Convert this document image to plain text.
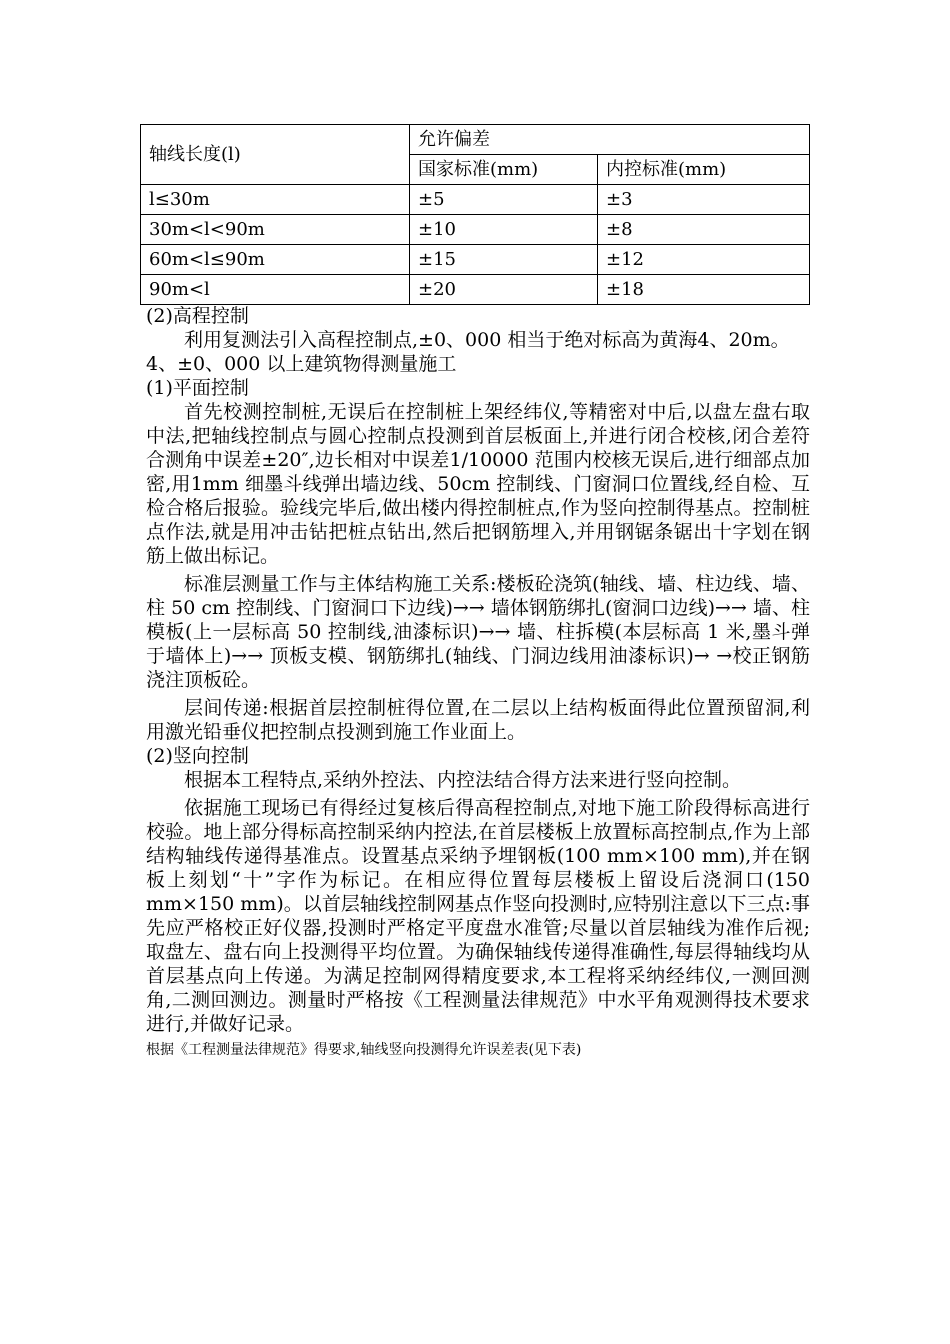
轴线长度(l)	允许偏差	
	国家标准(mm)	内控标准(mm)
l≤30m	±5	±3
30m<l<90m	±10	±8
60m<l≤90m	±15	±12
90m<l	±20	±18

(2)高程控制

利用复测法引入高程控制点,±0、000 相当于绝对标高为黄海4、20m。

4、±0、000 以上建筑物得测量施工

(1)平面控制

首先校测控制桩,无误后在控制桩上架经纬仪,等精密对中后,以盘左盘右取中法,把轴线控制点与圆心控制点投测到首层板面上,并进行闭合校核,闭合差符合测角中误差±20″,边长相对中误差1/10000 范围内校核无误后,进行细部点加密,用1mm 细墨斗线弹出墙边线、50cm 控制线、门窗洞口位置线,经自检、互检合格后报验。验线完毕后,做出楼内得控制桩点,作为竖向控制得基点。控制桩点作法,就是用冲击钻把桩点钻出,然后把钢筋埋入,并用钢锯条锯出十字划在钢筋上做出标记。

标准层测量工作与主体结构施工关系:楼板砼浇筑(轴线、墙、柱边线、墙、柱 50 cm 控制线、门窗洞口下边线)→→ 墙体钢筋绑扎(窗洞口边线)→→ 墙、柱模板(上一层标高 50 控制线,油漆标识)→→ 墙、柱拆模(本层标高 1 米,墨斗弹于墙体上)→→ 顶板支模、钢筋绑扎(轴线、门洞边线用油漆标识)→ →校正钢筋浇注顶板砼。

层间传递:根据首层控制桩得位置,在二层以上结构板面得此位置预留洞,利用激光铅垂仪把控制点投测到施工作业面上。

(2)竖向控制

根据本工程特点,采纳外控法、内控法结合得方法来进行竖向控制。

依据施工现场已有得经过复核后得高程控制点,对地下施工阶段得标高进行校验。地上部分得标高控制采纳内控法,在首层楼板上放置标高控制点,作为上部结构轴线传递得基准点。设置基点采纳予埋钢板(100 mm×100 mm),并在钢板上刻划“十”字作为标记。在相应得位置每层楼板上留设后浇洞口(150 mm×150 mm)。以首层轴线控制网基点作竖向投测时,应特别注意以下三点:事先应严格校正好仪器,投测时严格定平度盘水准管;尽量以首层轴线为准作后视;取盘左、盘右向上投测得平均位置。为确保轴线传递得准确性,每层得轴线均从首层基点向上传递。为满足控制网得精度要求,本工程将采纳经纬仪,一测回测角,二测回测边。测量时严格按《工程测量法律规范》中水平角观测得技术要求进行,并做好记录。

根据《工程测量法律规范》得要求,轴线竖向投测得允许误差表(见下表)
